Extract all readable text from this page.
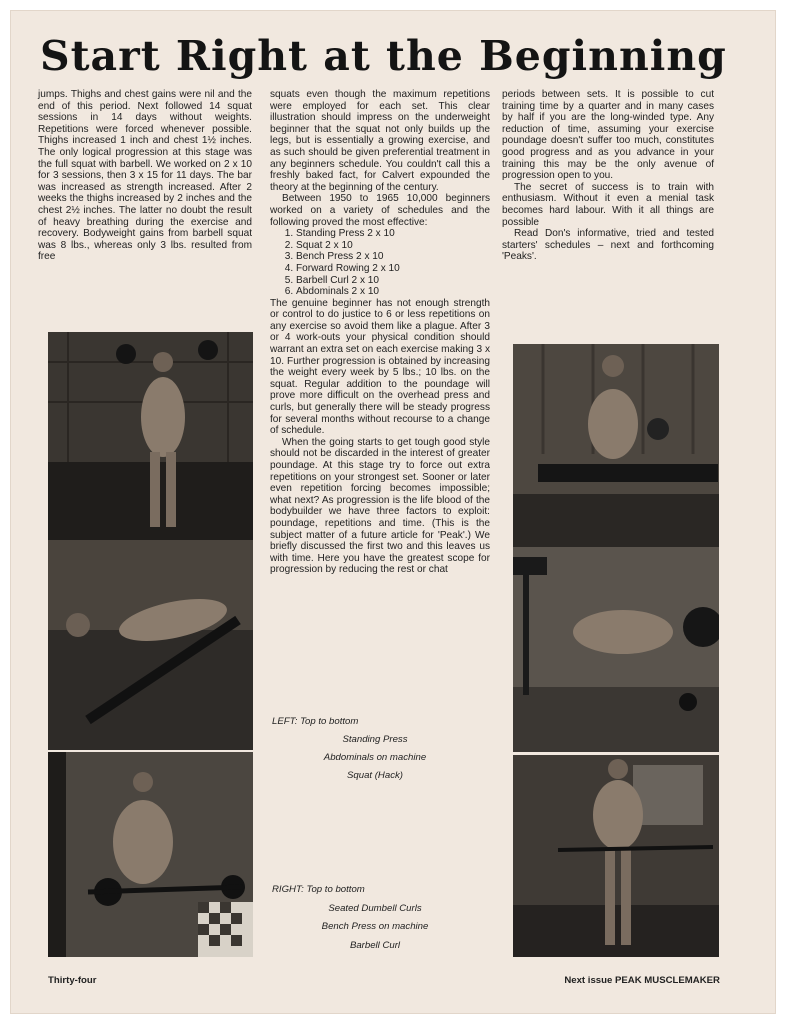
Start Right at the Beginning

jumps. Thighs and chest gains were nil and the end of this period. Next followed 14 squat sessions in 14 days without weights. Repetitions were forced whenever possible. Thighs increased 1 inch and chest 1½ inches. The only logical progression at this stage was the full squat with barbell. We worked on 2 x 10 for 3 sessions, then 3 x 15 for 11 days. The bar was increased as strength increased. After 2 weeks the thighs increased by 2 inches and the chest 2½ inches. The latter no doubt the result of heavy breathing during the exercise and recovery. Bodyweight gains from barbell squat was 8 lbs., whereas only 3 lbs. resulted from free

squats even though the maximum repetitions were employed for each set. This clear illustration should impress on the underweight beginner that the squat not only builds up the legs, but is essentially a growing exercise, and as such should be given preferential treatment in any beginners schedule. You couldn't call this a freshly baked fact, for Calvert expounded the theory at the beginning of the century.

Between 1950 to 1965 10,000 beginners worked on a variety of schedules and the following proved the most effective:

1. Standing Press 2 x 10
2. Squat 2 x 10
3. Bench Press 2 x 10
4. Forward Rowing 2 x 10
5. Barbell Curl 2 x 10
6. Abdominals 2 x 10

The genuine beginner has not enough strength or control to do justice to 6 or less repetitions on any exercise so avoid them like a plague. After 3 or 4 work-outs your physical condition should warrant an extra set on each exercise making 3 x 10. Further progression is obtained by increasing the weight every week by 5 lbs.; 10 lbs. on the squat. Regular addition to the poundage will prove more difficult on the overhead press and curls, but generally there will be steady progress for several months without recourse to a change of schedule.

When the going starts to get tough good style should not be discarded in the interest of greater poundage. At this stage try to force out extra repetitions on your strongest set. Sooner or later even repetition forcing becomes impossible; what next? As progression is the life blood of the bodybuilder we have three factors to exploit: poundage, repetitions and time. (This is the subject matter of a future article for 'Peak'.) We briefly discussed the first two and this leaves us with time. Here you have the greatest scope for progression by reducing the rest or chat

periods between sets. It is possible to cut training time by a quarter and in many cases by half if you are the long-winded type. Any reduction of time, assuming your exercise poundage doesn't suffer too much, constitutes good progress and as you advance in your training this may be the only avenue of progression open to you.

The secret of success is to train with enthusiasm. Without it even a menial task becomes hard labour. With it all things are possible

Read Don's informative, tried and tested starters' schedules – next and forthcoming 'Peaks'.

LEFT: Top to bottom
Standing Press
Abdominals on machine
Squat (Hack)
RIGHT: Top to bottom
Seated Dumbell Curls
Bench Press on machine
Barbell Curl
Thirty-four	Next issue PEAK MUSCLEMAKER
